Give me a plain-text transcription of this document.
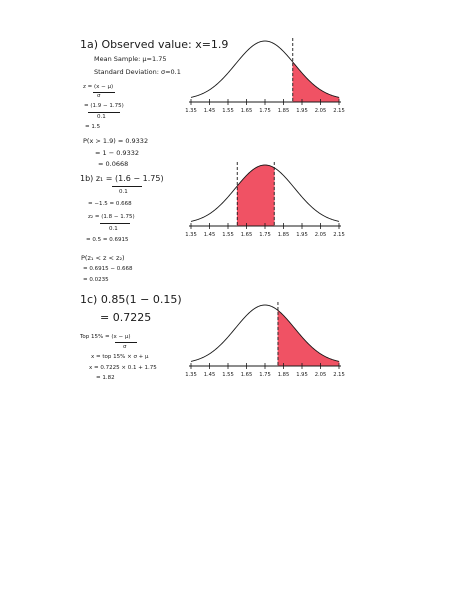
1a) Observed value: x=1.9
Mean Sample: μ=1.75
Standard Deviation: σ=0.1
z = (x − μ)
σ
= (1.9 − 1.75)
0.1
= 1.5
P(x > 1.9) = 0.9332
= 1 − 0.9332
= 0.0668
1b) z₁ = (1.6 − 1.75)
0.1
= −1.5 = 0.668
z₂ = (1.8 − 1.75)
0.1
= 0.5 = 0.6915
P(z₁ < z < z₂)
= 0.6915 − 0.668
= 0.0235
1c) 0.85(1 − 0.15)
= 0.7225
Top 15% = (x − μ)
σ
x = top 15% × σ + μ
x = 0.7225 × 0.1 + 1.75
= 1.82
1.35 1.45 1.55 1.65 1.75 1.85 1.95 2.05 2.15
1.35 1.45 1.55 1.65 1.75 1.85 1.95 2.05 2.15
1.35 1.45 1.55 1.65 1.75 1.85 1.95 2.05 2.15
